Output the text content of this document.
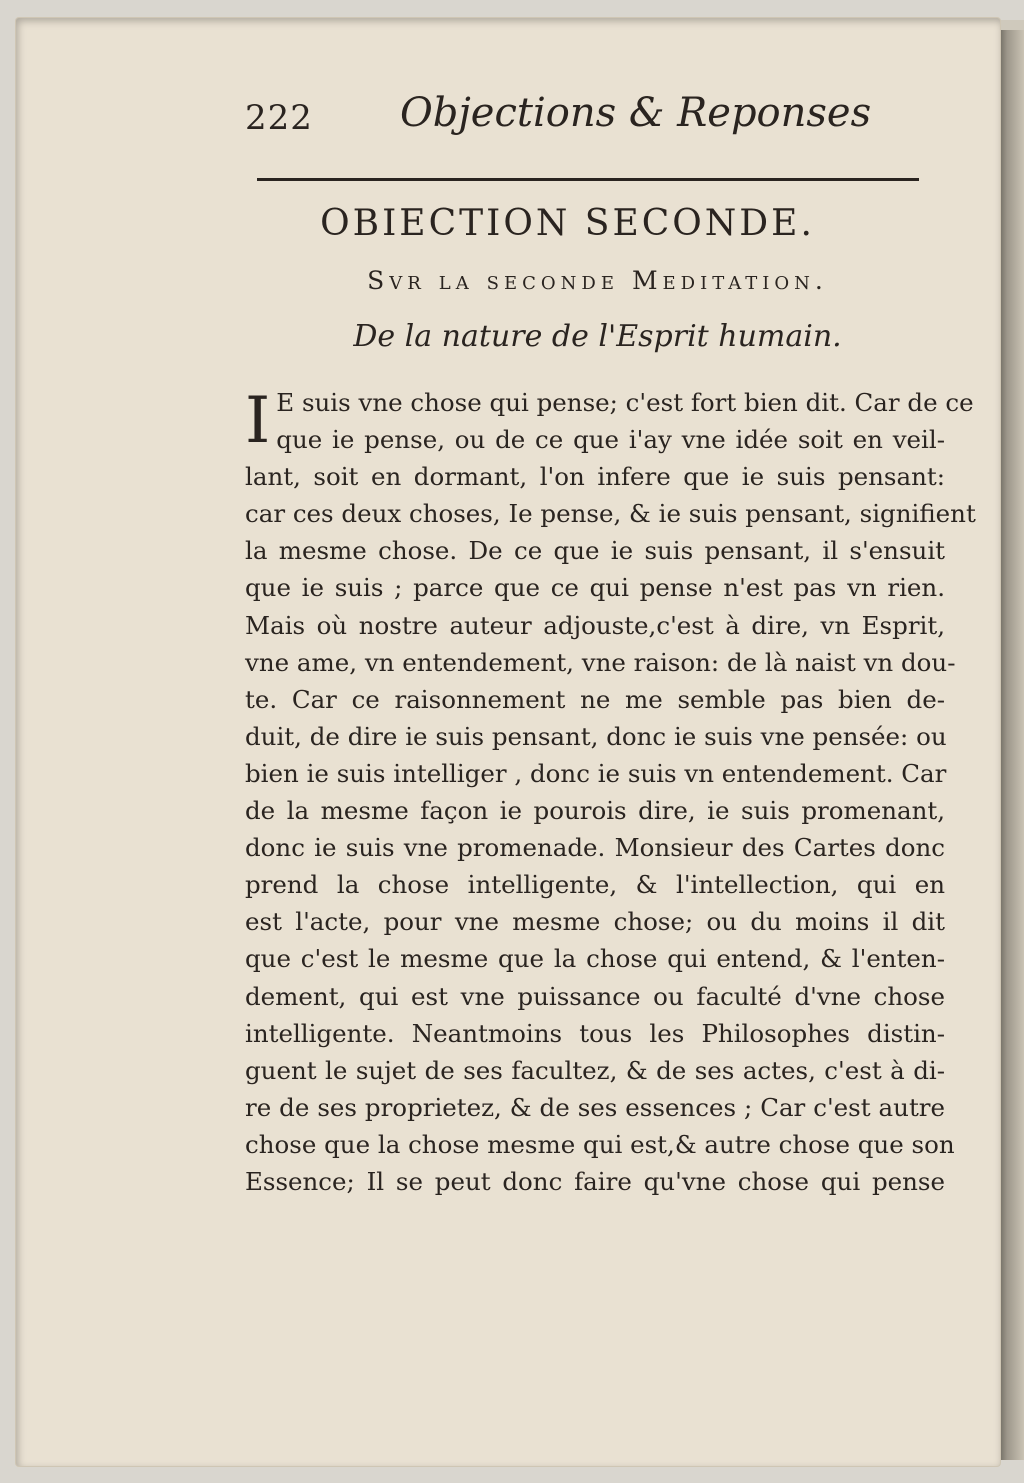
222 Objections & Reponses
OBIECTION SECONDE.
Svr la seconde Meditation.
De la nature de l'Esprit humain.
I E suis vne chose qui pense; c'est fort bien dit. Car de ce
que ie pense, ou de ce que i'ay vne idée soit en veil-
lant, soit en dormant, l'on infere que ie suis pensant:
car ces deux choses, Ie pense, & ie suis pensant, signifient
la mesme chose. De ce que ie suis pensant, il s'ensuit
que ie suis ; parce que ce qui pense n'est pas vn rien.
Mais où nostre auteur adjouste,c'est à dire, vn Esprit,
vne ame, vn entendement, vne raison: de là naist vn dou-
te. Car ce raisonnement ne me semble pas bien de-
duit, de dire ie suis pensant, donc ie suis vne pensée: ou
bien ie suis intelliger , donc ie suis vn entendement. Car
de la mesme façon ie pourois dire, ie suis promenant,
donc ie suis vne promenade. Monsieur des Cartes donc
prend la chose intelligente, & l'intellection, qui en
est l'acte, pour vne mesme chose; ou du moins il dit
que c'est le mesme que la chose qui entend, & l'enten-
dement, qui est vne puissance ou faculté d'vne chose
intelligente. Neantmoins tous les Philosophes distin-
guent le sujet de ses facultez, & de ses actes, c'est à di-
re de ses proprietez, & de ses essences ; Car c'est autre
chose que la chose mesme qui est,& autre chose que son
Essence; Il se peut donc faire qu'vne chose qui pense
